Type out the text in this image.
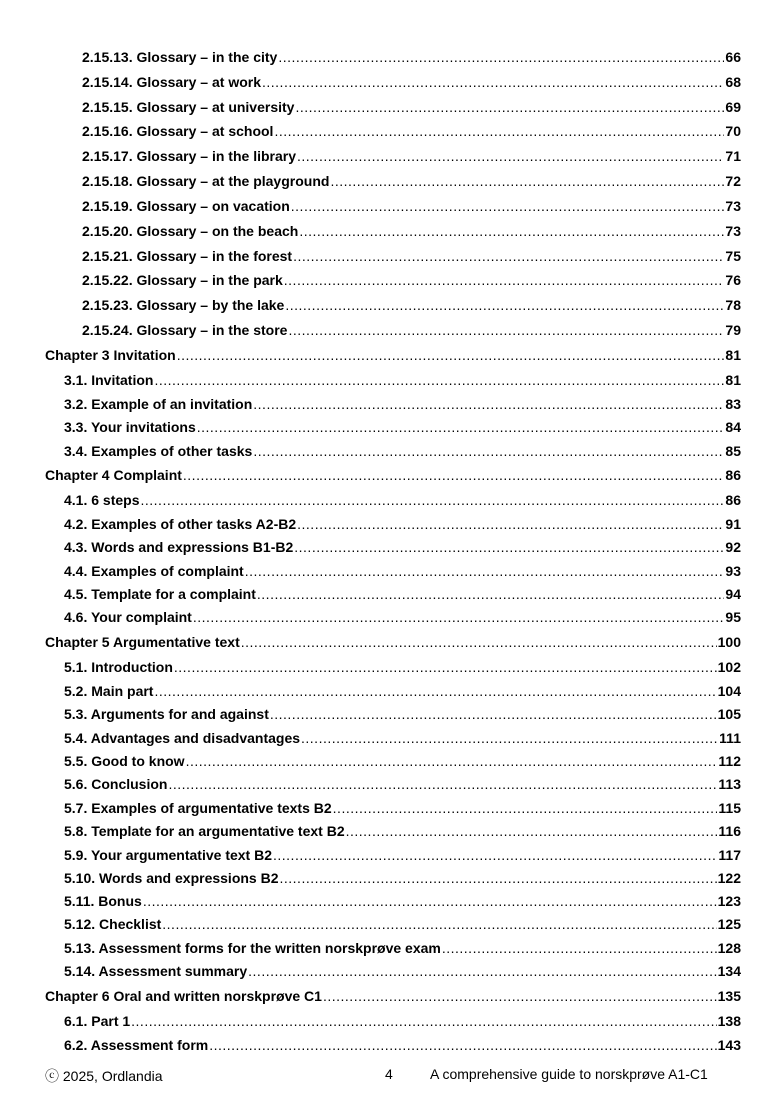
2.15.13. Glossary – in the city .....	66
2.15.14. Glossary – at work .....	68
2.15.15. Glossary – at university .....	69
2.15.16. Glossary – at school .....	70
2.15.17. Glossary – in the library .....	71
2.15.18. Glossary – at the playground .....	72
2.15.19. Glossary – on vacation .....	73
2.15.20. Glossary – on the beach .....	73
2.15.21. Glossary – in the forest .....	75
2.15.22. Glossary – in the park .....	76
2.15.23. Glossary – by the lake .....	78
2.15.24. Glossary – in the store .....	79
Chapter 3 Invitation .....	81
3.1. Invitation .....	81
3.2. Example of an invitation .....	83
3.3. Your invitations .....	84
3.4. Examples of other tasks .....	85
Chapter 4 Complaint .....	86
4.1. 6 steps .....	86
4.2. Examples of other tasks A2-B2 .....	91
4.3. Words and expressions B1-B2 .....	92
4.4. Examples of complaint .....	93
4.5. Template for a complaint .....	94
4.6. Your complaint .....	95
Chapter 5 Argumentative text .....	100
5.1. Introduction .....	102
5.2. Main part .....	104
5.3. Arguments for and against .....	105
5.4. Advantages and disadvantages .....	111
5.5. Good to know .....	112
5.6. Conclusion .....	113
5.7. Examples of argumentative texts B2 .....	115
5.8. Template for an argumentative text B2 .....	116
5.9. Your argumentative text B2 .....	117
5.10. Words and expressions B2 .....	122
5.11. Bonus .....	123
5.12. Checklist .....	125
5.13. Assessment forms for the written norskprøve exam .....	128
5.14. Assessment summary .....	134
Chapter 6 Oral and written norskprøve C1 .....	135
6.1. Part 1 .....	138
6.2. Assessment form .....	143
ⓒ 2025, Ordlandia	4	A comprehensive guide to norskprøve A1-C1
